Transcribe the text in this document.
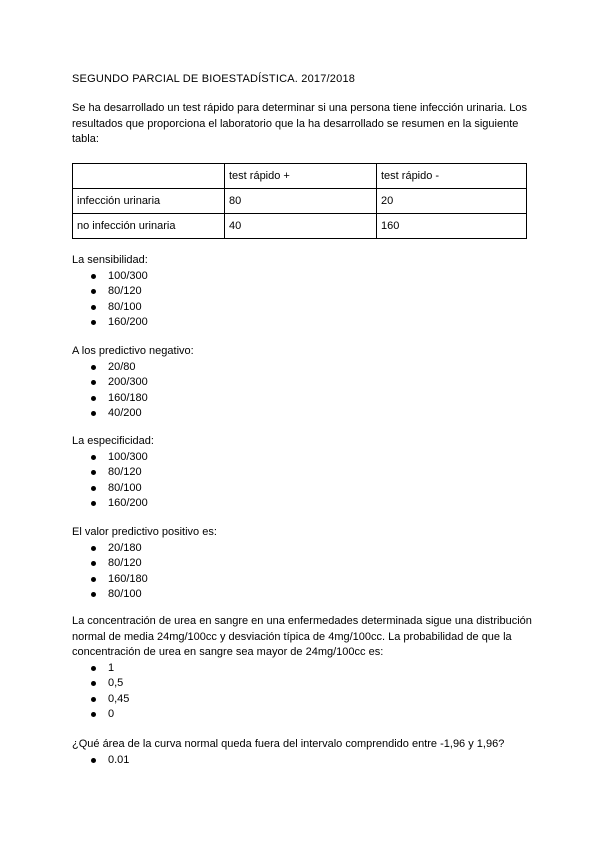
SEGUNDO PARCIAL DE BIOESTADÍSTICA. 2017/2018
Se ha desarrollado un test rápido para determinar si una persona tiene infección urinaria. Los resultados que proporciona el laboratorio que la ha desarrollado se resumen en la siguiente tabla:
	test rápido +	test rápido -
infección urinaria	80	20
no infección urinaria	40	160
La sensibilidad:
100/300
80/120
80/100
160/200
A los predictivo negativo:
20/80
200/300
160/180
40/200
La especificidad:
100/300
80/120
80/100
160/200
El valor predictivo positivo es:
20/180
80/120
160/180
80/100
La concentración de urea en sangre en una enfermedades determinada sigue una distribución normal de media 24mg/100cc y desviación típica de 4mg/100cc. La probabilidad de que la concentración de urea en sangre sea mayor de 24mg/100cc es:
1
0,5
0,45
0
¿Qué área de la curva normal queda fuera del intervalo comprendido entre -1,96 y 1,96?
0.01
